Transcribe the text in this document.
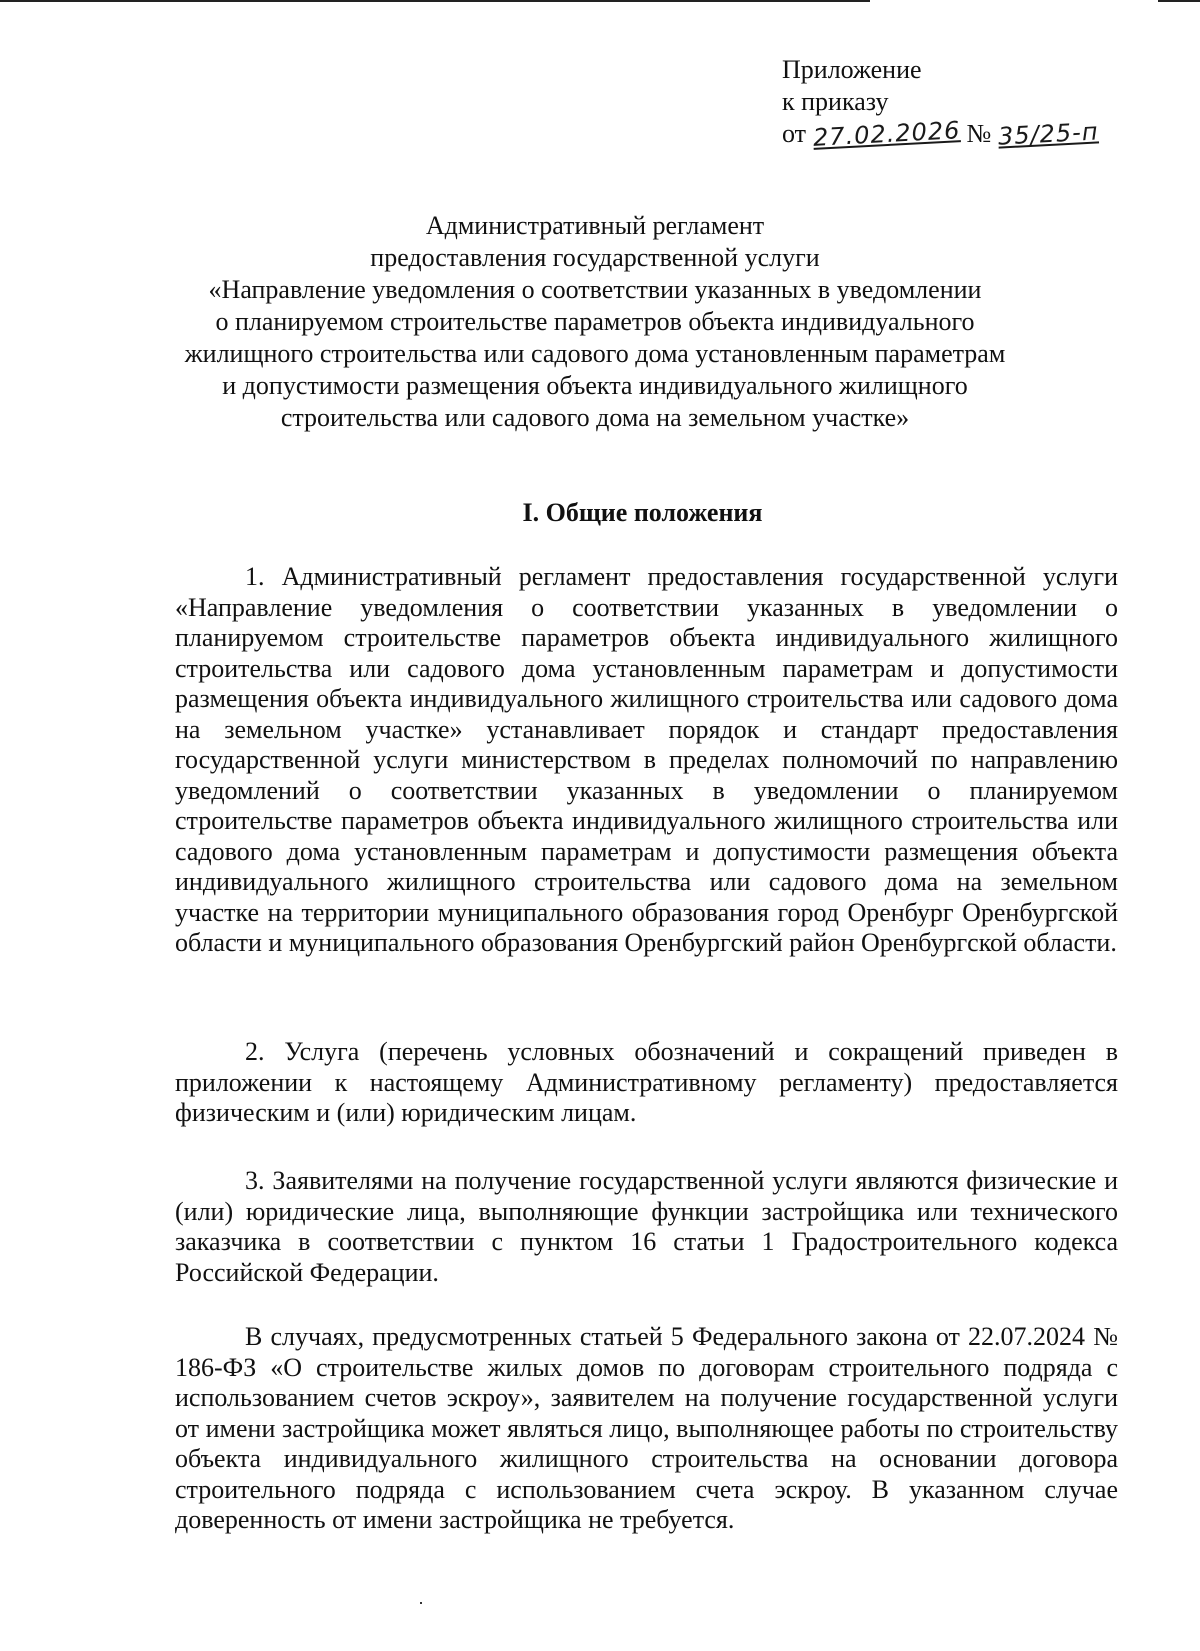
Приложение
к приказу
от 27.02.2026 № 35/25-п
Административный регламент
предоставления государственной услуги
«Направление уведомления о соответствии указанных в уведомлении
о планируемом строительстве параметров объекта индивидуального
жилищного строительства или садового дома установленным параметрам
и допустимости размещения объекта индивидуального жилищного
строительства или садового дома на земельном участке»
I. Общие положения

1. Административный регламент предоставления государственной услуги «Направление уведомления о соответствии указанных в уведомлении о планируемом строительстве параметров объекта индивидуального жилищного строительства или садового дома установленным параметрам и допустимости размещения объекта индивидуального жилищного строительства или садового дома на земельном участке» устанавливает порядок и стандарт предоставления государственной услуги министерством в пределах полномочий по направлению уведомлений о соответствии указанных в уведомлении о планируемом строительстве параметров объекта индивидуального жилищного строительства или садового дома установленным параметрам и допустимости размещения объекта индивидуального жилищного строительства или садового дома на земельном участке на территории муниципального образования город Оренбург Оренбургской области и муниципального образования Оренбургский район Оренбургской области.

2. Услуга (перечень условных обозначений и сокращений приведен в приложении к настоящему Административному регламенту) предоставляется физическим и (или) юридическим лицам.

3. Заявителями на получение государственной услуги являются физические и (или) юридические лица, выполняющие функции застройщика или технического заказчика в соответствии с пунктом 16 статьи 1 Градостроительного кодекса Российской Федерации.

В случаях, предусмотренных статьей 5 Федерального закона от 22.07.2024 № 186-ФЗ «О строительстве жилых домов по договорам строительного подряда с использованием счетов эскроу», заявителем на получение государственной услуги от имени застройщика может являться лицо, выполняющее работы по строительству объекта индивидуального жилищного строительства на основании договора строительного подряда с использованием счета эскроу. В указанном случае доверенность от имени застройщика не требуется.
